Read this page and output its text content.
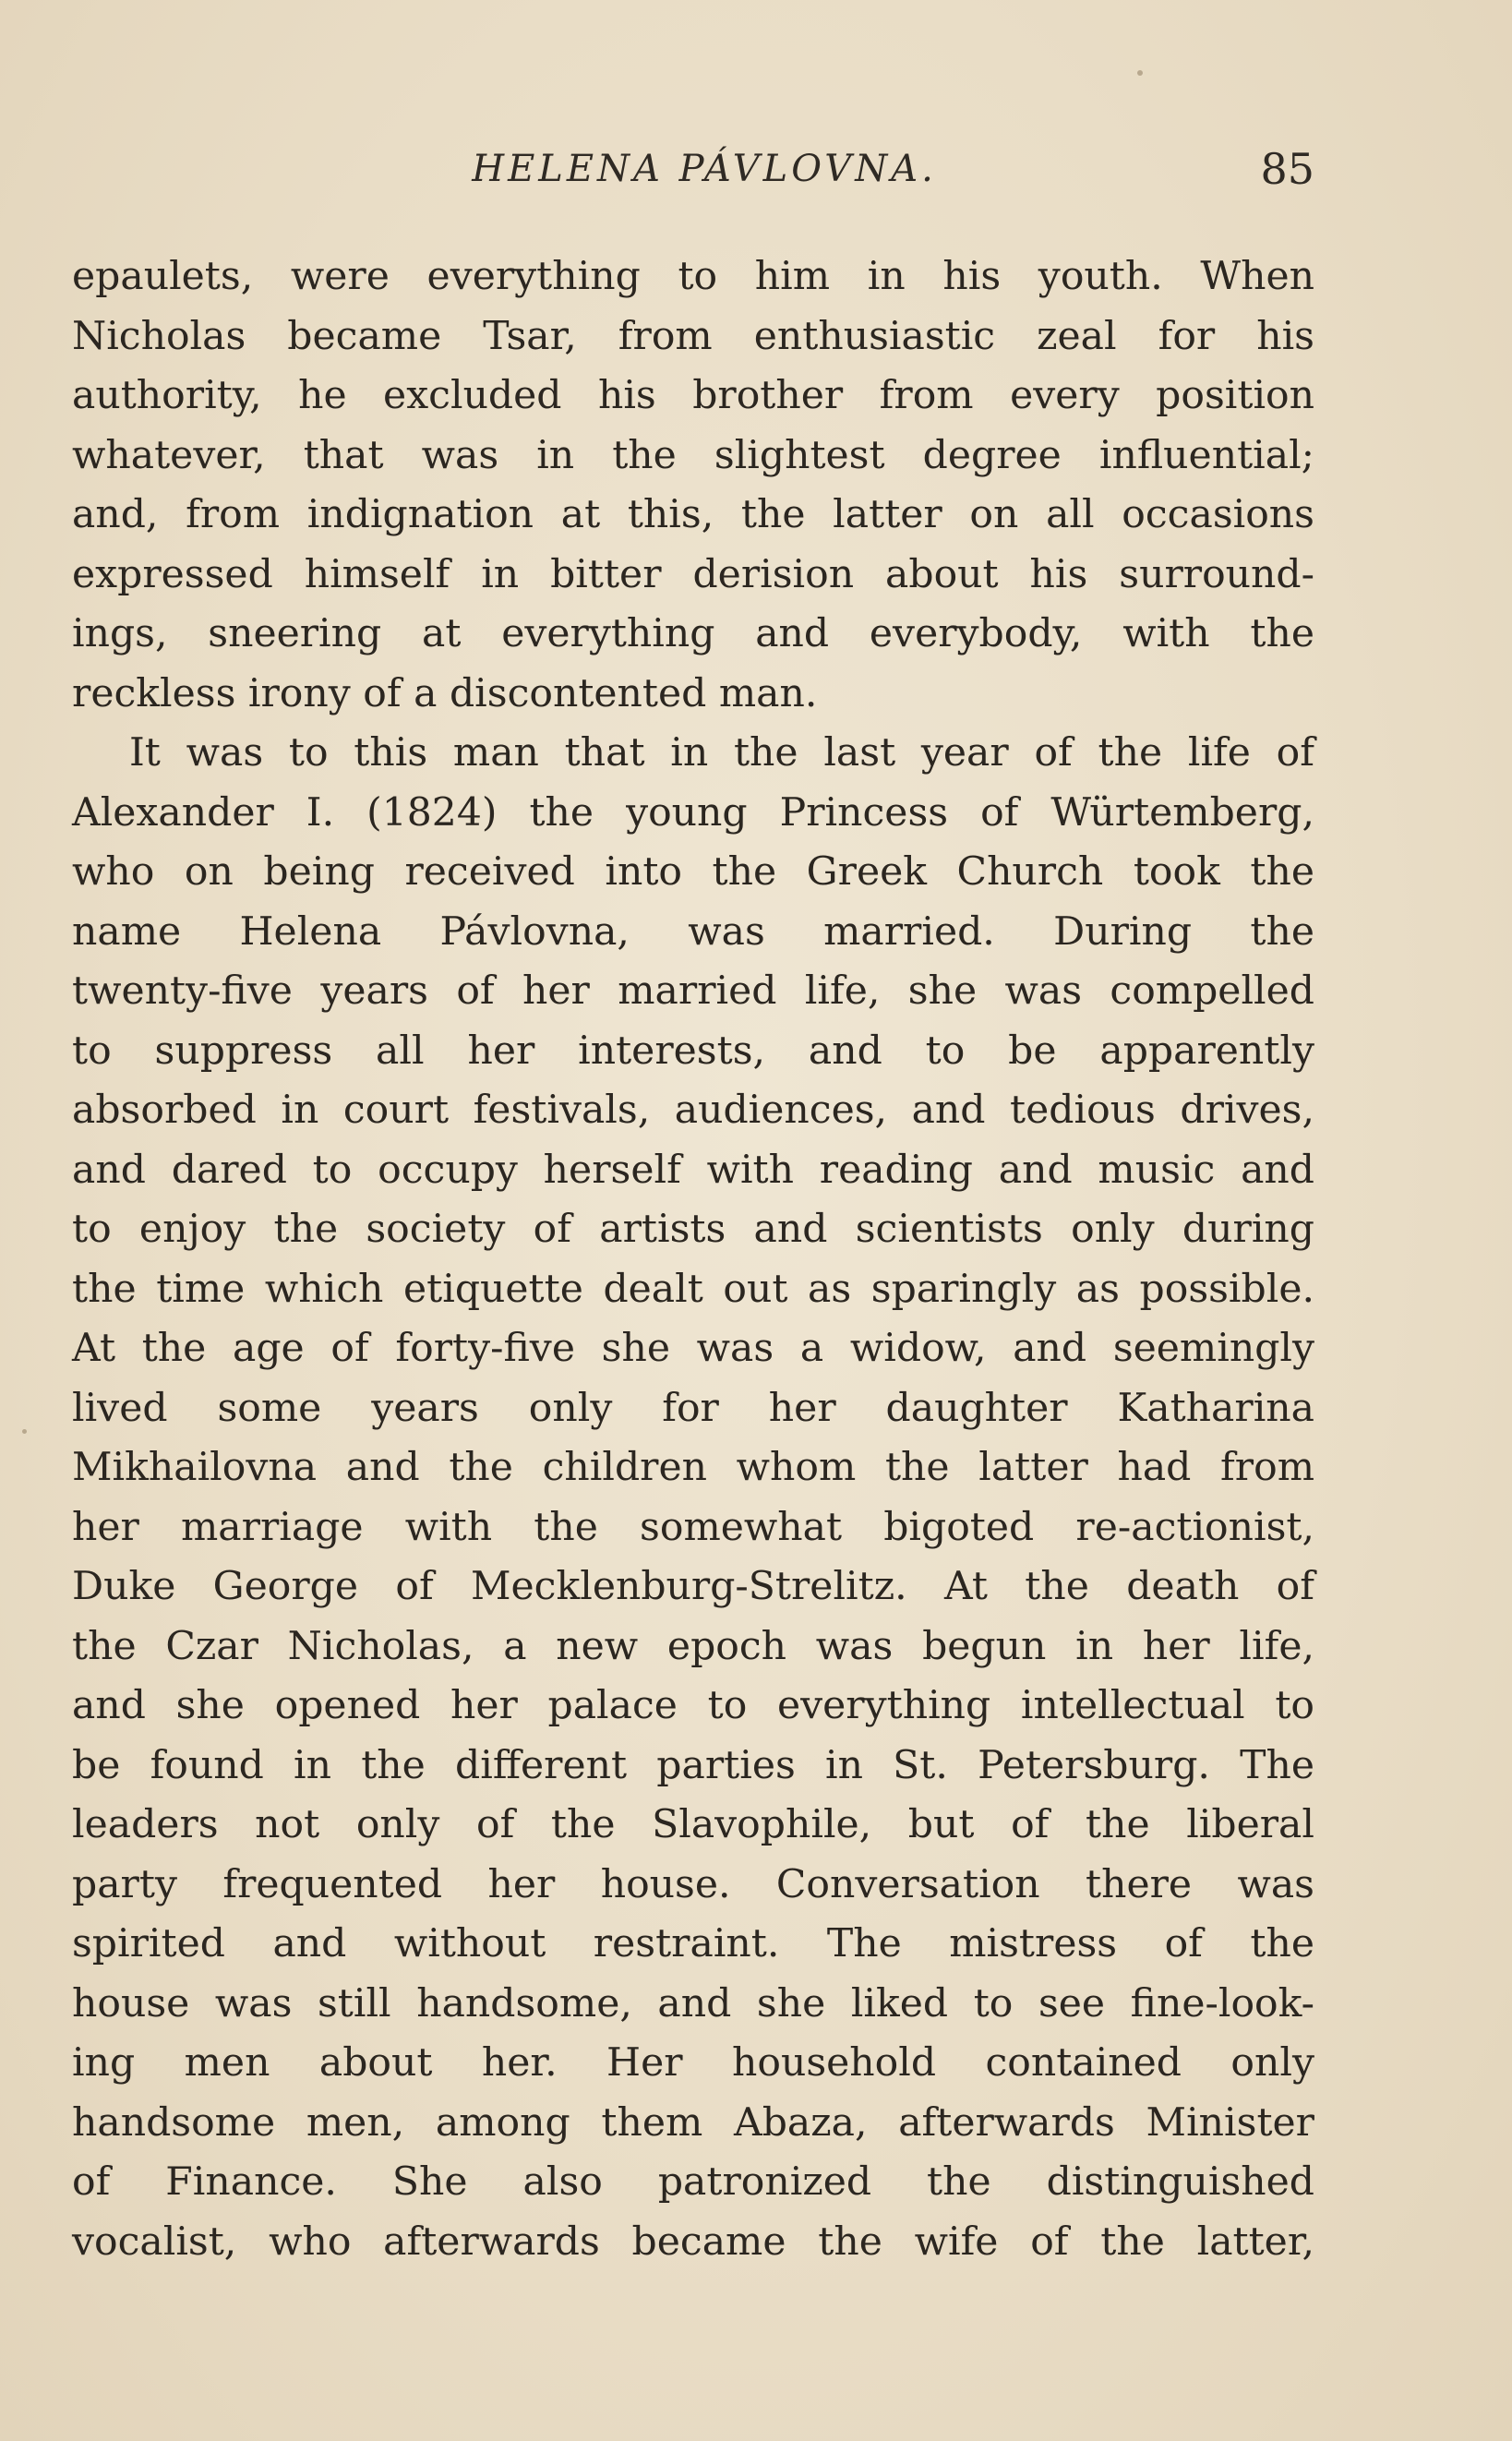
HELENA PÁVLOVNA.	85
epaulets, were everything to him in his youth. When
Nicholas became Tsar, from enthusiastic zeal for his
authority, he excluded his brother from every position
whatever, that was in the slightest degree influential;
and, from indignation at this, the latter on all occasions
expressed himself in bitter derision about his surround-
ings, sneering at everything and everybody, with the
reckless irony of a discontented man.
It was to this man that in the last year of the life of
Alexander I. (1824) the young Princess of Würtemberg,
who on being received into the Greek Church took the
name Helena Pávlovna, was married. During the
twenty-five years of her married life, she was compelled
to suppress all her interests, and to be apparently
absorbed in court festivals, audiences, and tedious drives,
and dared to occupy herself with reading and music and
to enjoy the society of artists and scientists only during
the time which etiquette dealt out as sparingly as possible.
At the age of forty-five she was a widow, and seemingly
lived some years only for her daughter Katharina
Mikhailovna and the children whom the latter had from
her marriage with the somewhat bigoted re-actionist,
Duke George of Mecklenburg-Strelitz. At the death of
the Czar Nicholas, a new epoch was begun in her life,
and she opened her palace to everything intellectual to
be found in the different parties in St. Petersburg. The
leaders not only of the Slavophile, but of the liberal
party frequented her house. Conversation there was
spirited and without restraint. The mistress of the
house was still handsome, and she liked to see fine-look-
ing men about her. Her household contained only
handsome men, among them Abaza, afterwards Minister
of Finance. She also patronized the distinguished
vocalist, who afterwards became the wife of the latter,
